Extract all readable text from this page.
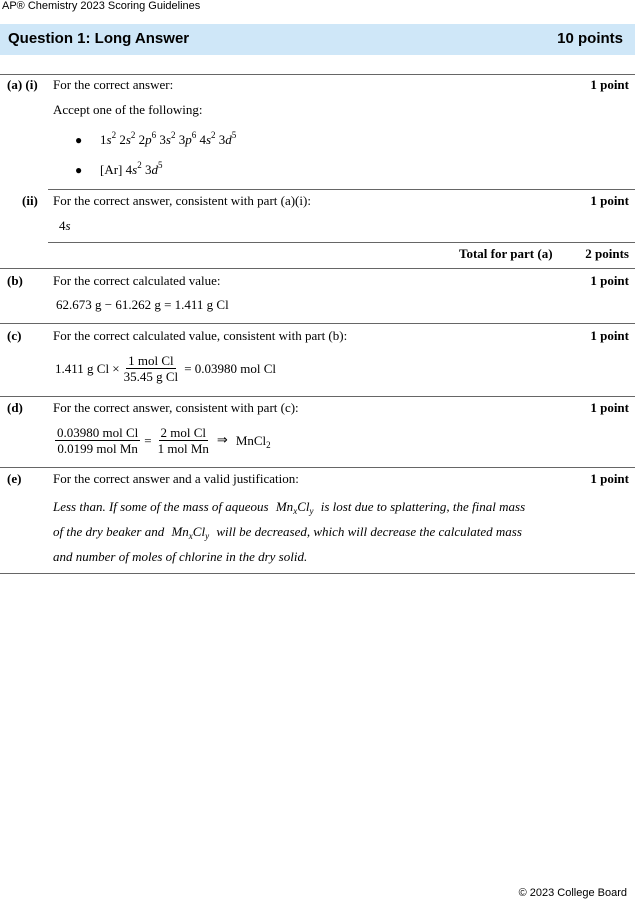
AP® Chemistry 2023 Scoring Guidelines
Question 1: Long Answer	10 points
(a) (i) For the correct answer:	1 point
Accept one of the following:
● $1s^2$ $2s^2$ $2p^6$ $3s^2$ $3p^6$ $4s^2$ $3d^5$
● [Ar] $4s^2$ $3d^5$
(ii) For the correct answer, consistent with part (a)(i):	1 point
4s
Total for part (a)	2 points
(b) For the correct calculated value:	1 point
62.673 g − 61.262 g = 1.411 g Cl
(c) For the correct calculated value, consistent with part (b):	1 point
1.411 g $Cl \times \frac{\text{1 mol Cl}}{\text{35.45 g Cl}} = 0.03980$ mol Cl
(d) For the correct answer, consistent with part (c):	1 point
$\frac{\text{0.03980 mol Cl}}{\text{0.0199 mol Mn}} = \frac{\text{2 mol Cl}}{\text{1 mol Mn}}$ ⇒ MnCl$_2$
(e) For the correct answer and a valid justification:	1 point
Less than. If some of the mass of aqueous $Mn_xCl_y$ is lost due to splattering, the final mass
of the dry beaker and $Mn_xCl_y$ will be decreased, which will decrease the calculated mass
and number of moles of chlorine in the dry solid.
© 2023 College Board
